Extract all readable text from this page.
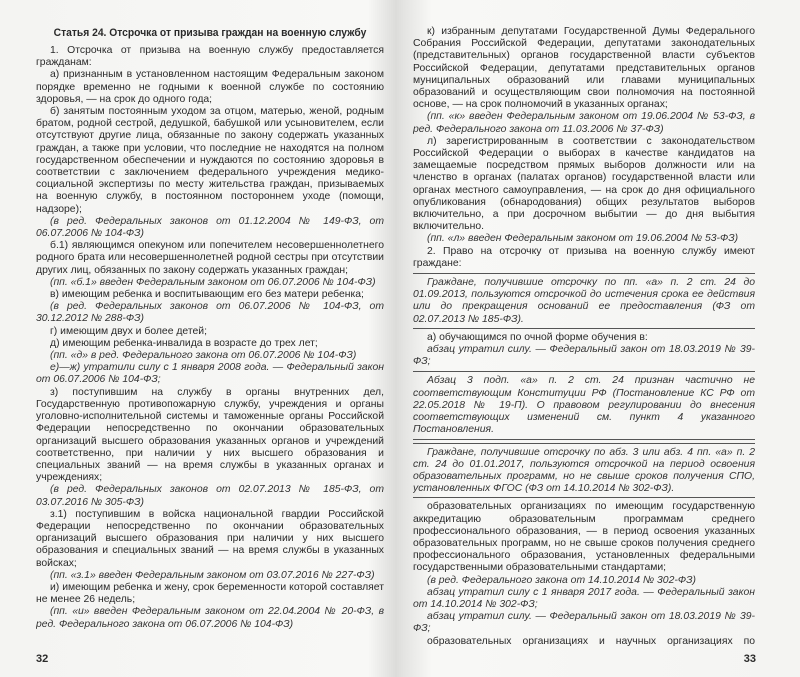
Статья 24. Отсрочка от призыва граждан на военную службу

1. Отсрочка от призыва на военную службу предоставляется гражданам:

а) признанным в установленном настоящим Федеральным законом порядке временно не годными к военной службе по состоянию здоровья, — на срок до одного года;

б) занятым постоянным уходом за отцом, матерью, женой, родным братом, родной сестрой, дедушкой, бабушкой или усыновителем, если отсутствуют другие лица, обязанные по закону содержать указанных граждан, а также при условии, что последние не находятся на полном государственном обеспечении и нуждаются по состоянию здоровья в соответствии с заключением федерального учреждения медико-социальной экспертизы по месту жительства граждан, призываемых на военную службу, в постоянном постороннем уходе (помощи, надзоре);

(в ред. Федеральных законов от 01.12.2004 № 149-ФЗ, от 06.07.2006 № 104-ФЗ)

б.1) являющимся опекуном или попечителем несовершеннолетнего родного брата или несовершеннолетней родной сестры при отсутствии других лиц, обязанных по закону содержать указанных граждан;

(пп. «б.1» введен Федеральным законом от 06.07.2006 № 104-ФЗ)

в) имеющим ребенка и воспитывающим его без матери ребенка;

(в ред. Федеральных законов от 06.07.2006 № 104-ФЗ, от 30.12.2012 № 288-ФЗ)

г) имеющим двух и более детей;

д) имеющим ребенка-инвалида в возрасте до трех лет;

(пп. «д» в ред. Федерального закона от 06.07.2006 № 104-ФЗ)

е)—ж) утратили силу с 1 января 2008 года. — Федеральный закон от 06.07.2006 № 104-ФЗ;

з) поступившим на службу в органы внутренних дел, Государственную противопожарную службу, учреждения и органы уголовно-исполнительной системы и таможенные органы Российской Федерации непосредственно по окончании образовательных организаций высшего образования указанных органов и учреждений соответственно, при наличии у них высшего образования и специальных званий — на время службы в указанных органах и учреждениях;

(в ред. Федеральных законов от 02.07.2013 № 185-ФЗ, от 03.07.2016 № 305-ФЗ)

з.1) поступившим в войска национальной гвардии Российской Федерации непосредственно по окончании образовательных организаций высшего образования при наличии у них высшего образования и специальных званий — на время службы в указанных войсках;

(пп. «з.1» введен Федеральным законом от 03.07.2016 № 227-ФЗ)

и) имеющим ребенка и жену, срок беременности которой составляет не менее 26 недель;

(пп. «и» введен Федеральным законом от 22.04.2004 № 20-ФЗ, в ред. Федерального закона от 06.07.2006 № 104-ФЗ)

32

к) избранным депутатами Государственной Думы Федерального Собрания Российской Федерации, депутатами законодательных (представительных) органов государственной власти субъектов Российской Федерации, депутатами представительных органов муниципальных образований или главами муниципальных образований и осуществляющим свои полномочия на постоянной основе, — на срок полномочий в указанных органах;

(пп. «к» введен Федеральным законом от 19.06.2004 № 53-ФЗ, в ред. Федерального закона от 11.03.2006 № 37-ФЗ)

л) зарегистрированным в соответствии с законодательством Российской Федерации о выборах в качестве кандидатов на замещаемые посредством прямых выборов должности или на членство в органах (палатах органов) государственной власти или органах местного самоуправления, — на срок до дня официального опубликования (обнародования) общих результатов выборов включительно, а при досрочном выбытии — до дня выбытия включительно.

(пп. «л» введен Федеральным законом от 19.06.2004 № 53-ФЗ)

2. Право на отсрочку от призыва на военную службу имеют граждане:

Граждане, получившие отсрочку по пп. «а» п. 2 ст. 24 до 01.09.2013, пользуются отсрочкой до истечения срока ее действия или до прекращения оснований ее предоставления (ФЗ от 02.07.2013 № 185-ФЗ).

а) обучающимся по очной форме обучения в:

абзац утратил силу. — Федеральный закон от 18.03.2019 № 39-ФЗ;

Абзац 3 подп. «а» п. 2 ст. 24 признан частично не соответствующим Конституции РФ (Постановление КС РФ от 22.05.2018 № 19-П). О правовом регулировании до внесения соответствующих изменений см. пункт 4 указанного Постановления.

Граждане, получившие отсрочку по абз. 3 или абз. 4 пп. «а» п. 2 ст. 24 до 01.01.2017, пользуются отсрочкой на период освоения образовательных программ, но не свыше сроков получения СПО, установленных ФГОС (ФЗ от 14.10.2014 № 302-ФЗ).

образовательных организациях по имеющим государственную аккредитацию образовательным программам среднего профессионального образования, — в период освоения указанных образовательных программ, но не свыше сроков получения среднего профессионального образования, установленных федеральными государственными образовательными стандартами;

(в ред. Федерального закона от 14.10.2014 № 302-ФЗ)

абзац утратил силу с 1 января 2017 года. — Федеральный закон от 14.10.2014 № 302-ФЗ;

абзац утратил силу. — Федеральный закон от 18.03.2019 № 39-ФЗ;

образовательных организациях и научных организациях по

33
